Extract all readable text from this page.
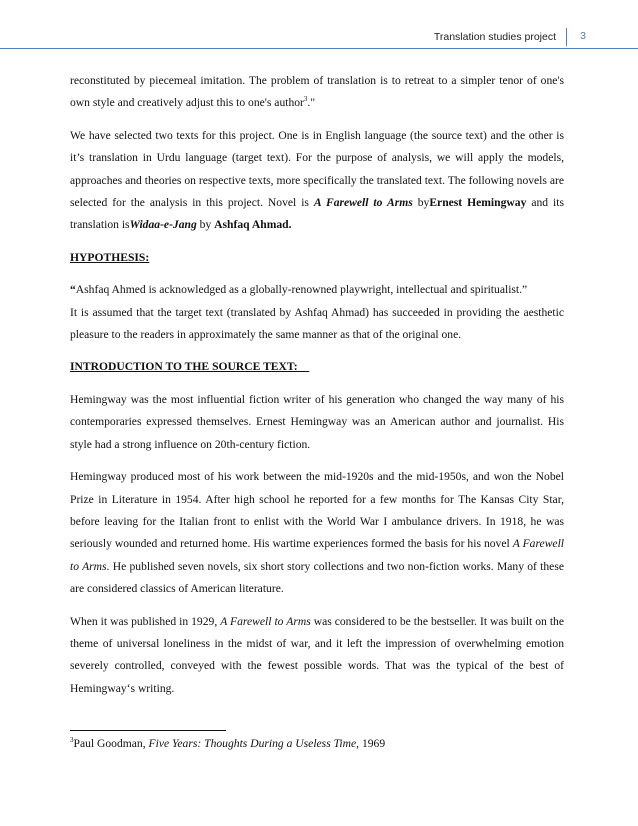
Translation studies project 3

reconstituted by piecemeal imitation. The problem of translation is to retreat to a simpler tenor of one's own style and creatively adjust this to one's author$^3$."

We have selected two texts for this project. One is in English language (the source text) and the other is it’s translation in Urdu language (target text). For the purpose of analysis, we will apply the models, approaches and theories on respective texts, more specifically the translated text. The following novels are selected for the analysis in this project. Novel is A Farewell to Arms byErnest Hemingway and its translation isWidaa-e-Jang by Ashfaq Ahmad.

HYPOTHESIS:

“Ashfaq Ahmed is acknowledged as a globally-renowned playwright, intellectual and spiritualist.”

It is assumed that the target text (translated by Ashfaq Ahmad) has succeeded in providing the aesthetic pleasure to the readers in approximately the same manner as that of the original one.

INTRODUCTION TO THE SOURCE TEXT:

Hemingway was the most influential fiction writer of his generation who changed the way many of his contemporaries expressed themselves. Ernest Hemingway was an American author and journalist. His style had a strong influence on 20th-century fiction.

Hemingway produced most of his work between the mid-1920s and the mid-1950s, and won the Nobel Prize in Literature in 1954. After high school he reported for a few months for The Kansas City Star, before leaving for the Italian front to enlist with the World War I ambulance drivers. In 1918, he was seriously wounded and returned home. His wartime experiences formed the basis for his novel A Farewell to Arms. He published seven novels, six short story collections and two non-fiction works. Many of these are considered classics of American literature.

When it was published in 1929, A Farewell to Arms was considered to be the bestseller. It was built on the theme of universal loneliness in the midst of war, and it left the impression of overwhelming emotion severely controlled, conveyed with the fewest possible words. That was the typical of the best of Hemingway‘s writing.

$^3$Paul Goodman, Five Years: Thoughts During a Useless Time, 1969
